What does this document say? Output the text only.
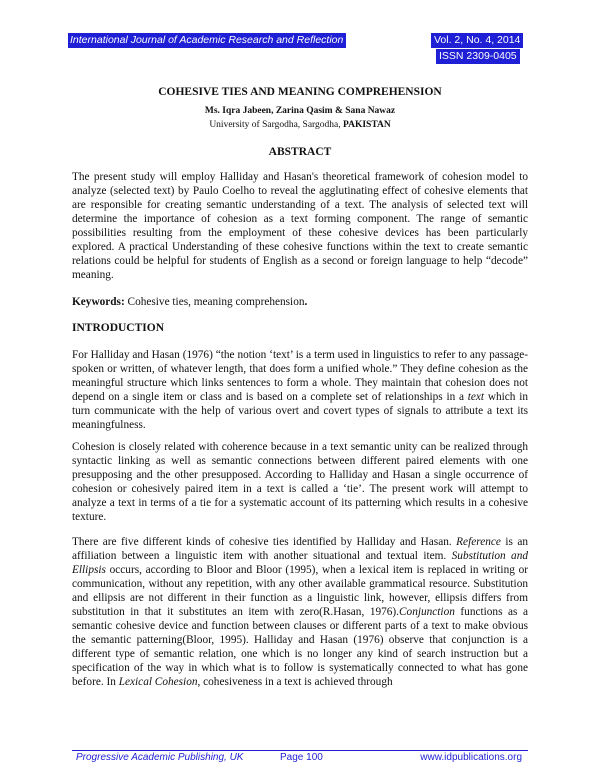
International Journal of Academic Research and Reflection	Vol. 2, No. 4, 2014
ISSN 2309-0405
COHESIVE TIES AND MEANING COMPREHENSION
Ms. Iqra Jabeen, Zarina Qasim & Sana Nawaz
University of Sargodha, Sargodha, PAKISTAN
ABSTRACT

The present study will employ Halliday and Hasan's theoretical framework of cohesion model to analyze (selected text) by Paulo Coelho to reveal the agglutinating effect of cohesive elements that are responsible for creating semantic understanding of a text. The analysis of selected text will determine the importance of cohesion as a text forming component. The range of semantic possibilities resulting from the employment of these cohesive devices has been particularly explored. A practical Understanding of these cohesive functions within the text to create semantic relations could be helpful for students of English as a second or foreign language to help “decode” meaning.

Keywords: Cohesive ties, meaning comprehension.
INTRODUCTION

For Halliday and Hasan (1976) “the notion ‘text’ is a term used in linguistics to refer to any passage- spoken or written, of whatever length, that does form a unified whole.” They define cohesion as the meaningful structure which links sentences to form a whole. They maintain that cohesion does not depend on a single item or class and is based on a complete set of relationships in a text which in turn communicate with the help of various overt and covert types of signals to attribute a text its meaningfulness.

Cohesion is closely related with coherence because in a text semantic unity can be realized through syntactic linking as well as semantic connections between different paired elements with one presupposing and the other presupposed. According to Halliday and Hasan a single occurrence of cohesion or cohesively paired item in a text is called a ‘tie’. The present work will attempt to analyze a text in terms of a tie for a systematic account of its patterning which results in a cohesive texture.

There are five different kinds of cohesive ties identified by Halliday and Hasan. Reference is an affiliation between a linguistic item with another situational and textual item. Substitution and Ellipsis occurs, according to Bloor and Bloor (1995), when a lexical item is replaced in writing or communication, without any repetition, with any other available grammatical resource. Substitution and ellipsis are not different in their function as a linguistic link, however, ellipsis differs from substitution in that it substitutes an item with zero(R.Hasan, 1976).Conjunction functions as a semantic cohesive device and function between clauses or different parts of a text to make obvious the semantic patterning(Bloor, 1995). Halliday and Hasan (1976) observe that conjunction is a different type of semantic relation, one which is no longer any kind of search instruction but a specification of the way in which what is to follow is systematically connected to what has gone before. In Lexical Cohesion, cohesiveness in a text is achieved through

Progressive Academic Publishing, UK	Page 100	www.idpublications.org
